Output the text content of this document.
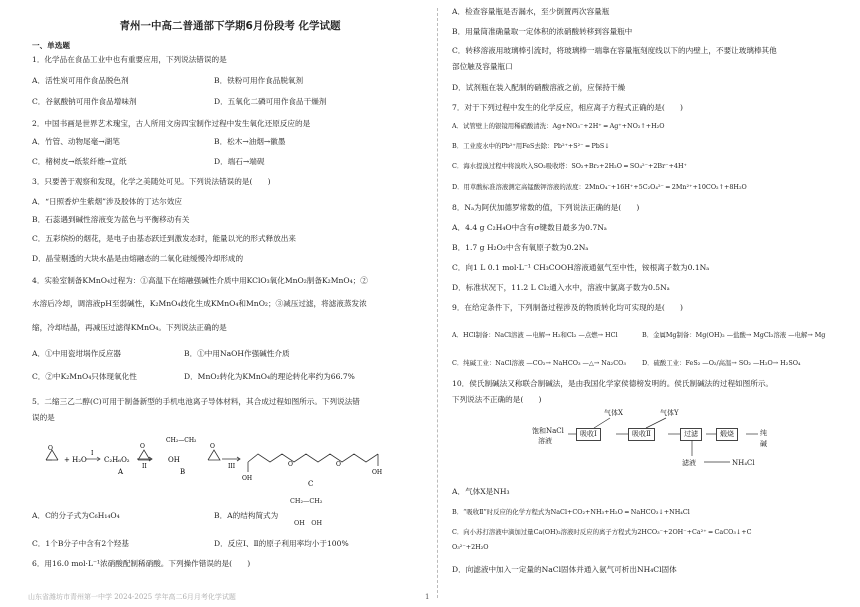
青州一中高二普通部下学期6月份段考 化学试题
一、单选题
1．化学品在食品工业中也有重要应用，下列说法错误的是
A．活性炭可用作食品脱色剂	B．铁粉可用作食品脱氧剂
C．谷氨酸钠可用作食品增味剂	D．五氧化二磷可用作食品干燥剂
2．中国书画是世界艺术瑰宝，古人所用文房四宝制作过程中发生氧化还原反应的是
A．竹管、动物尾毫→湖笔	B．松木→油烟→徽墨
C．楮树皮→纸浆纤维→宣纸	D．端石→端砚
3．只要善于观察和发现，化学之美随处可见。下列说法错误的是(　　)
A．“日照香炉生紫烟”涉及胶体的丁达尔效应
B．石蕊遇到碱性溶液变为蓝色与平衡移动有关
C．五彩缤纷的烟花，是电子由基态跃迁到激发态时，能量以光的形式释放出来
D．晶莹剔透的大块水晶是由熔融态的二氧化硅缓慢冷却形成的
4．实验室制备KMnO₄过程为：①高温下在熔融强碱性介质中用KClO₃氧化MnO₂制备K₂MnO₄；②
水溶后冷却，调溶液pH至弱碱性，K₂MnO₄歧化生成KMnO₄和MnO₂；③减压过滤，将滤液蒸发浓
缩，冷却结晶，再减压过滤得KMnO₄。下列说法正确的是
A．①中用瓷坩埚作反应器	B．①中用NaOH作强碱性介质
C．②中K₂MnO₄只体现氧化性	D．MnO₂转化为KMnO₄的理论转化率约为66.7%
5．二缩三乙二醇(C)可用于制备新型的手机电池离子导体材料，其合成过程如图所示。下列说法错
误的是
O
+ H₂O
I
C₂H₆O₂
A
O
II
CH₂—CH₂
OH
B
O
III	O	O
OH
OH
C
A．C的分子式为C₆H₁₄O₄	B．A的结构简式为
CH₂—CH₂
OH　OH
C．1个B分子中含有2个羟基	D．反应Ⅰ、Ⅱ的原子利用率均小于100%
6．用16.0 mol·L⁻¹浓硝酸配制稀硝酸。下列操作错误的是(　　)
A．检查容量瓶是否漏水，至少倒置两次容量瓶
B．用量筒准确量取一定体积的浓硝酸转移到容量瓶中
C．转移溶液用玻璃棒引流时，将玻璃棒一端靠在容量瓶刻度线以下的内壁上，不要让玻璃棒其他
部位触及容量瓶口
D．试剂瓶在装入配制的硝酸溶液之前，应保持干燥
7．对于下列过程中发生的化学反应，相应离子方程式正确的是(　　)
A．试管壁上的银镜用稀硝酸清洗：Ag+NO₃⁻+2H⁺ ═ Ag⁺+NO₂↑+H₂O
B．工业废水中的Pb²⁺用FeS去除：Pb²⁺+S²⁻ ═ PbS↓
C．海水提溴过程中将溴吹入SO₂吸收塔：SO₂+Br₂+2H₂O ═ SO₄²⁻+2Br⁻+4H⁺
D．用草酸标准溶液测定高锰酸钾溶液的浓度：2MnO₄⁻+16H⁺+5C₂O₄²⁻ ═ 2Mn²⁺+10CO₂↑+8H₂O
8．Nₐ为阿伏加德罗常数的值，下列说法正确的是(　　)
A．4.4 g C₂H₄O中含有σ键数目最多为0.7Nₐ
B．1.7 g H₂O₂中含有氧原子数为0.2Nₐ
C．向1 L 0.1 mol·L⁻¹ CH₃COOH溶液通氨气至中性，铵根离子数为0.1Nₐ
D．标准状况下，11.2 L Cl₂通入水中，溶液中氯离子数为0.5Nₐ
9．在给定条件下，下列制备过程涉及的物质转化均可实现的是(　　)
A．HCl制备：NaCl溶液 —电解→ H₂和Cl₂ —点燃→ HCl	B．金属Mg制备：Mg(OH)₂ —盐酸→ MgCl₂溶液 —电解→ Mg
C．纯碱工业：NaCl溶液 —CO₂→ NaHCO₃ —△→ Na₂CO₃	D．硫酸工业：FeS₂ —O₂/高温→ SO₂ —H₂O→ H₂SO₄
10．侯氏制碱法又称联合制碱法，是由我国化学家侯德榜发明的。侯氏制碱法的过程如图所示。
下列说法不正确的是(　　)
气体X	气体Y
饱和NaCl
溶液
吸收Ⅰ	吸收Ⅱ	过滤	煅烧	纯碱
滤液	NH₄Cl
A．气体X是NH₃
B．“吸收Ⅱ”时反应的化学方程式为NaCl+CO₂+NH₃+H₂O ═ NaHCO₃↓+NH₄Cl
C．向小苏打溶液中滴加过量Ca(OH)₂溶液时反应的离子方程式为2HCO₃⁻+2OH⁻+Ca²⁺ ═ CaCO₃↓+C
O₃²⁻+2H₂O
D．向滤液中加入一定量的NaCl固体并通入氨气可析出NH₄Cl固体
山东省潍坊市青州第一中学 2024-2025 学年高二6月月考化学试题	1
